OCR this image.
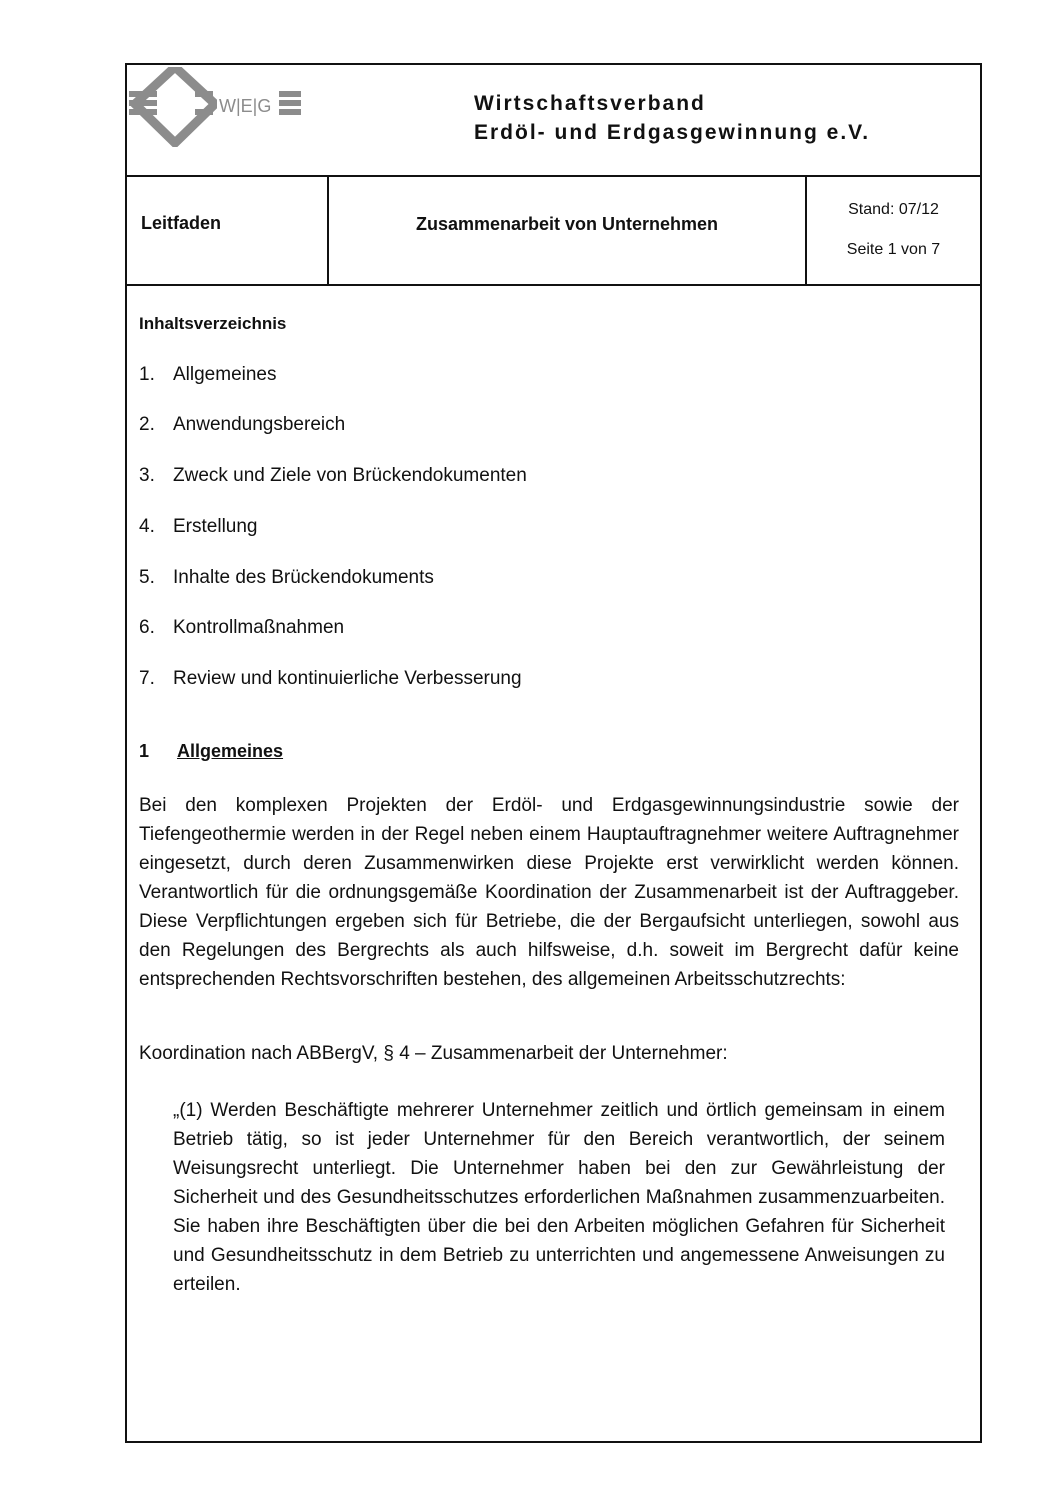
W|E|G	Wirtschaftsverband
Erdöl- und Erdgasgewinnung e.V.
Leitfaden	Zusammenarbeit von Unternehmen
Stand: 07/12
Seite 1 von 7
Inhaltsverzeichnis
1. Allgemeines
2. Anwendungsbereich
3. Zweck und Ziele von Brückendokumenten
4. Erstellung
5. Inhalte des Brückendokuments
6. Kontrollmaßnahmen
7. Review und kontinuierliche Verbesserung
1 Allgemeines

Bei den komplexen Projekten der Erdöl- und Erdgasgewinnungsindustrie sowie der Tiefengeothermie werden in der Regel neben einem Hauptauftragnehmer weitere Auftragnehmer eingesetzt, durch deren Zusammenwirken diese Projekte erst verwirklicht werden können. Verantwortlich für die ordnungsgemäße Koordination der Zusammenarbeit ist der Auftraggeber. Diese Verpflichtungen ergeben sich für Betriebe, die der Bergaufsicht unterliegen, sowohl aus den Regelungen des Bergrechts als auch hilfsweise, d.h. soweit im Bergrecht dafür keine entsprechenden Rechtsvorschriften bestehen, des allgemeinen Arbeitsschutzrechts:

Koordination nach ABBergV, § 4 – Zusammenarbeit der Unternehmer:

„(1) Werden Beschäftigte mehrerer Unternehmer zeitlich und örtlich gemeinsam in einem Betrieb tätig, so ist jeder Unternehmer für den Bereich verantwortlich, der seinem Weisungsrecht unterliegt. Die Unternehmer haben bei den zur Gewährleistung der Sicherheit und des Gesundheitsschutzes erforderlichen Maßnahmen zusammenzuarbeiten. Sie haben ihre Beschäftigten über die bei den Arbeiten möglichen Gefahren für Sicherheit und Gesundheitsschutz in dem Betrieb zu unterrichten und angemessene Anweisungen zu erteilen.
